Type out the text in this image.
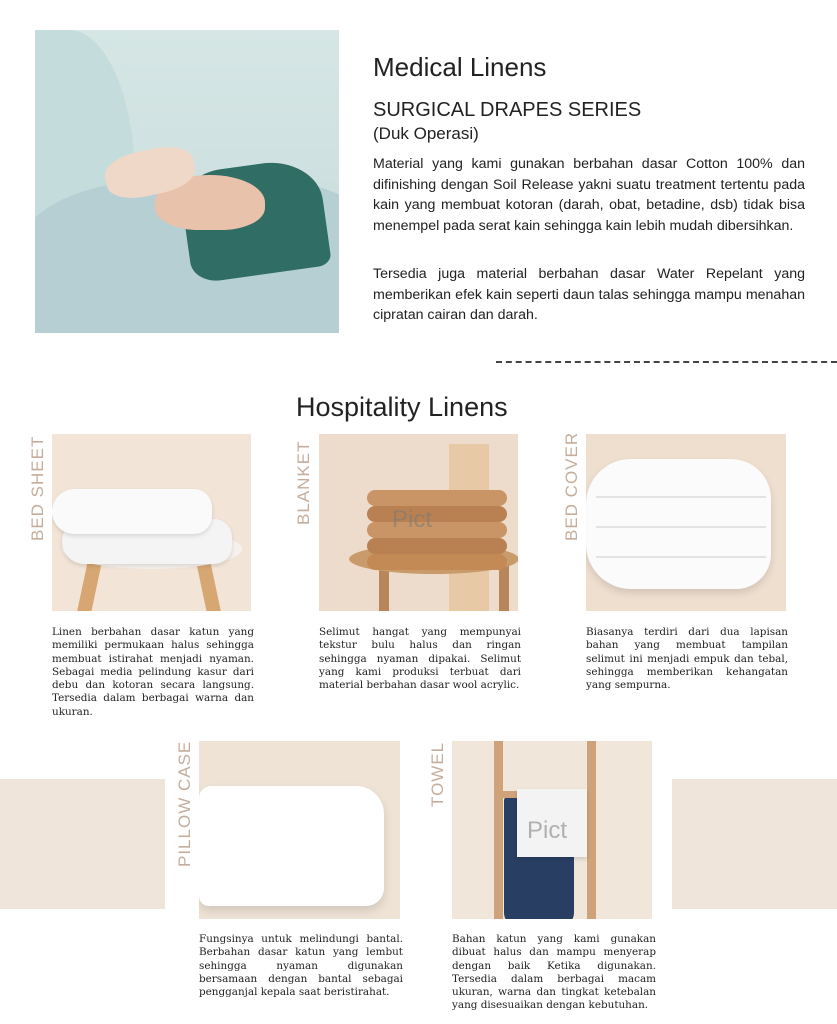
Medical Linens
SURGICAL DRAPES SERIES
(Duk Operasi)

Material yang kami gunakan berbahan dasar Cotton 100% dan difinishing dengan Soil Release yakni suatu treatment tertentu pada kain yang membuat kotoran (darah, obat, betadine, dsb) tidak bisa menempel pada serat kain sehingga kain lebih mudah dibersihkan.

Tersedia juga material berbahan dasar Water Repelant yang memberikan efek kain seperti daun talas sehingga mampu menahan cipratan cairan dan darah.

Hospitality Linens
BED SHEET

Linen berbahan dasar katun yang memiliki permukaan halus sehingga membuat istirahat menjadi nyaman. Sebagai media pelindung kasur dari debu dan kotoran secara langsung. Tersedia dalam berbagai warna dan ukuran.

BLANKET	Pict

Selimut hangat yang mempunyai tekstur bulu halus dan ringan sehingga nyaman dipakai. Selimut yang kami produksi terbuat dari material berbahan dasar wool acrylic.

BED COVER

Biasanya terdiri dari dua lapisan bahan yang membuat tampilan selimut ini menjadi empuk dan tebal, sehingga memberikan kehangatan yang sempurna.

PILLOW CASE

Fungsinya untuk melindungi bantal. Berbahan dasar katun yang lembut sehingga nyaman digunakan bersamaan dengan bantal sebagai pengganjal kepala saat beristirahat.

TOWEL
Pict

Bahan katun yang kami gunakan dibuat halus dan mampu menyerap dengan baik Ketika digunakan. Tersedia dalam berbagai macam ukuran, warna dan tingkat ketebalan yang disesuaikan dengan kebutuhan.
